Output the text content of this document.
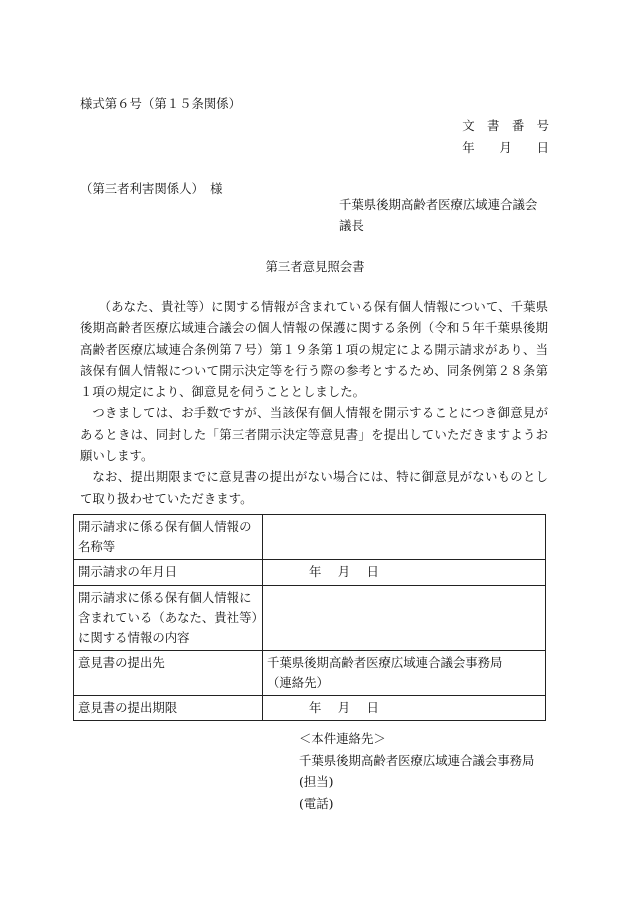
様式第６号（第１５条関係）
文　書　番　号
年　　月　　日
（第三者利害関係人）　様
千葉県後期高齢者医療広域連合議会
議長
第三者意見照会書

（あなた、貴社等）に関する情報が含まれている保有個人情報について、千葉県後期高齢者医療広域連合議会の個人情報の保護に関する条例（令和５年千葉県後期高齢者医療広域連合条例第７号）第１９条第１項の規定による開示請求があり、当該保有個人情報について開示決定等を行う際の参考とするため、同条例第２８条第１項の規定により、御意見を伺うこととしました。

つきましては、お手数ですが、当該保有個人情報を開示することにつき御意見があるときは、同封した「第三者開示決定等意見書」を提出していただきますようお願いします。

なお、提出期限までに意見書の提出がない場合には、特に御意見がないものとして取り扱わせていただきます。

開示請求に係る保有個人情報の名称等	
開示請求の年月日	年　 月　 日
開示請求に係る保有個人情報に含まれている（あなた、貴社等）に関する情報の内容	
意見書の提出先	千葉県後期高齢者医療広域連合議会事務局
（連絡先）

意見書の提出期限	年　 月　 日
＜本件連絡先＞
千葉県後期高齢者医療広域連合議会事務局
(担当)
(電話)
